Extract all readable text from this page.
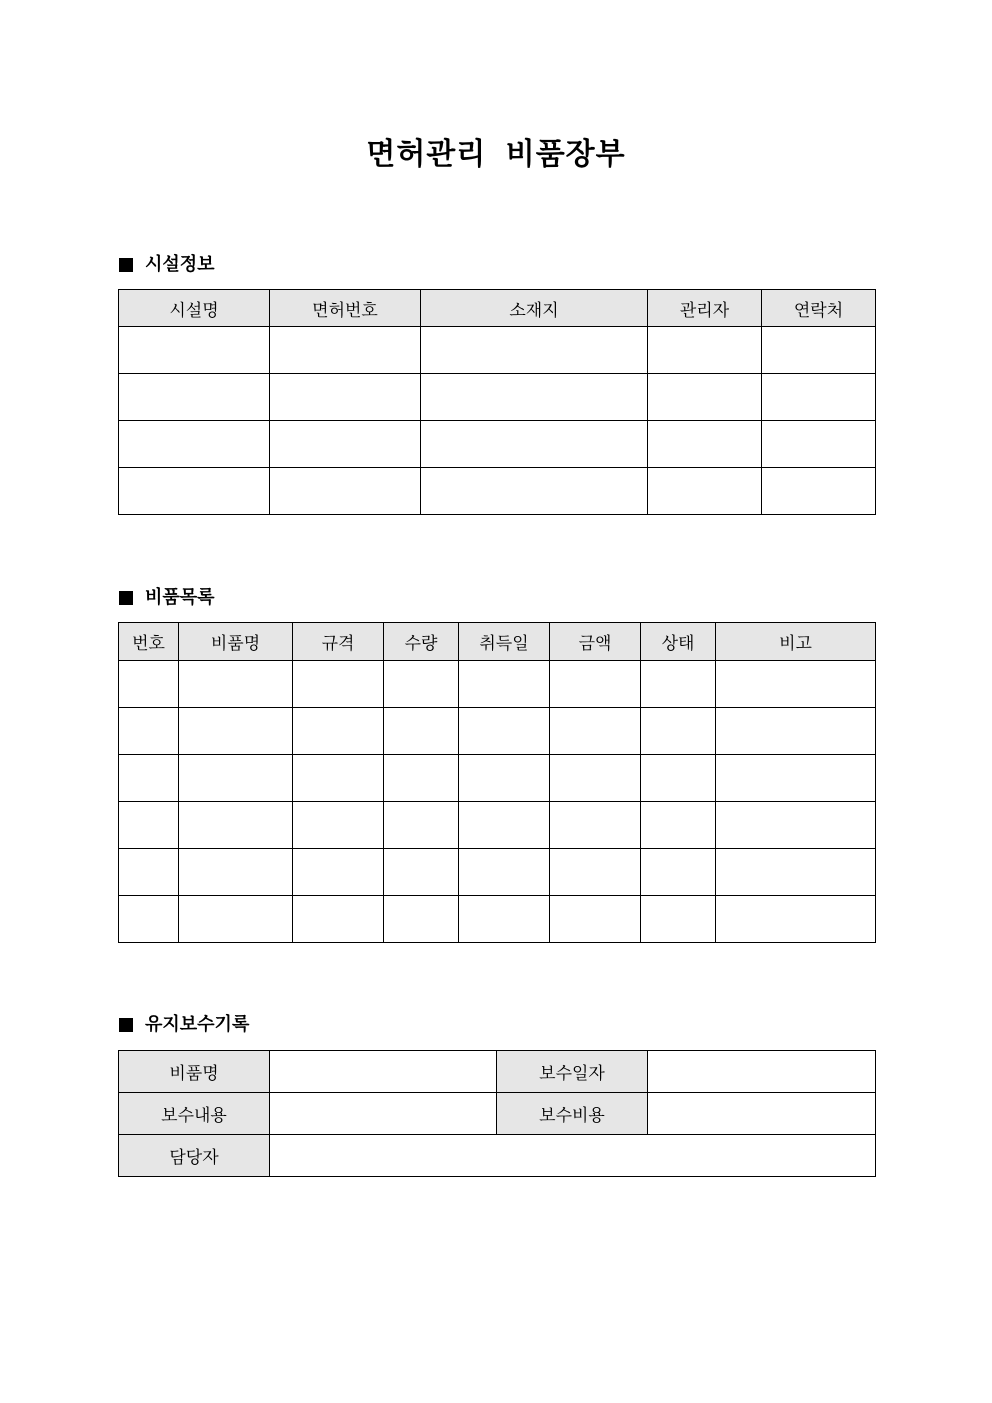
면허관리 비품장부
시설정보
시설명	면허번호	소재지	관리자	연락처

비품목록
번호	비품명	규격	수량	취득일	금액	상태	비고

유지보수기록
비품명		보수일자	
보수내용		보수비용	
담당자			
